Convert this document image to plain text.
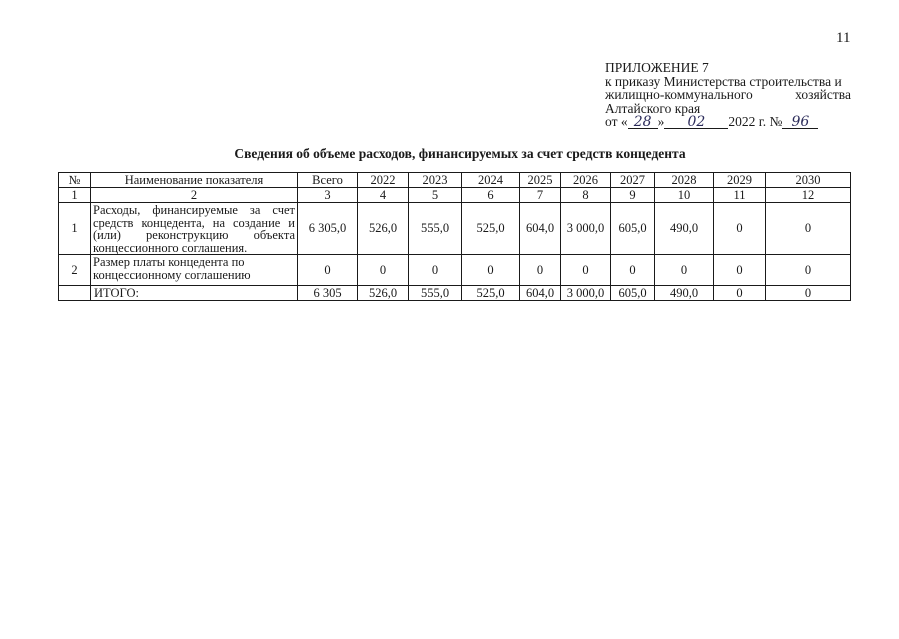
11
ПРИЛОЖЕНИЕ 7
к приказу Министерства строительства и
жилищно-коммунального	хозяйства
Алтайского края
от « 28 »	02	2022 г. № 96
Сведения об объеме расходов, финансируемых за счет средств концедента
№	Наименование показателя	Всего	2022	2023	2024	2025	2026	2027	2028	2029	2030
1	2	3	4	5	6	7	8	9	10	11	12
1	Расходы, финансируемые за счет средств концедента, на создание и (или) реконструкцию объекта концессионного соглашения.	6 305,0	526,0	555,0	525,0	604,0	3 000,0	605,0	490,0	0	0
2	Размер платы концедента по концессионному соглашению	0	0	0	0	0	0	0	0	0	0
	ИТОГО:	6 305	526,0	555,0	525,0	604,0	3 000,0	605,0	490,0	0	0
